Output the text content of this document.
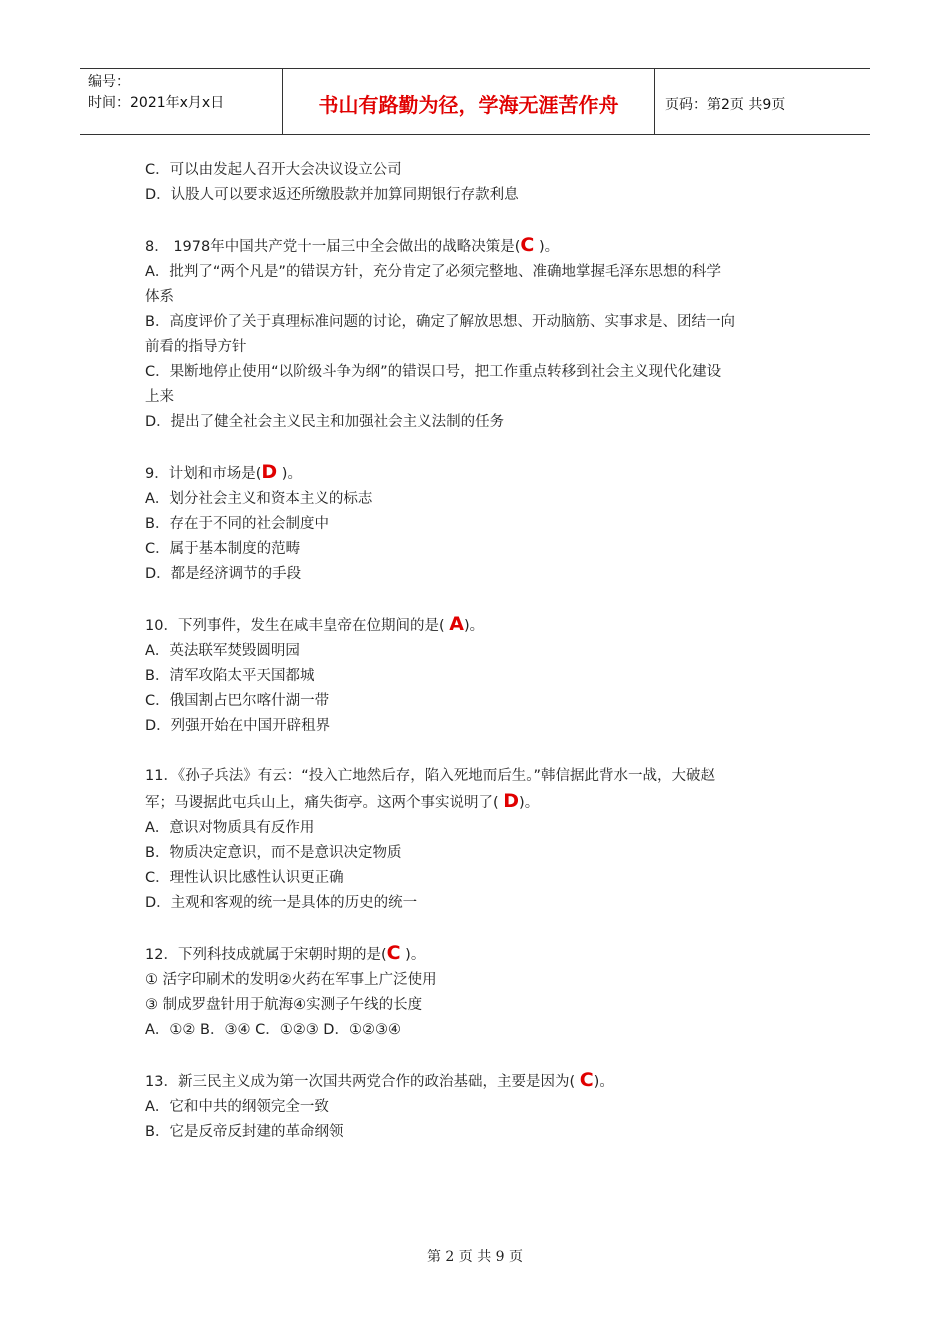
编号：
时间：2021年x月x日	书山有路勤为径，学海无涯苦作舟	页码：第2页 共9页
C．可以由发起人召开大会决议设立公司
D．认股人可以要求返还所缴股款并加算同期银行存款利息
8． 1978年中国共产党十一届三中全会做出的战略决策是(C )。
A．批判了“两个凡是”的错误方针，充分肯定了必须完整地、准确地掌握毛泽东思想的科学
体系
B．高度评价了关于真理标准问题的讨论，确定了解放思想、开动脑筋、实事求是、团结一向
前看的指导方针
C．果断地停止使用“以阶级斗争为纲”的错误口号，把工作重点转移到社会主义现代化建设
上来
D．提出了健全社会主义民主和加强社会主义法制的任务
9．计划和市场是(D )。
A．划分社会主义和资本主义的标志
B．存在于不同的社会制度中
C．属于基本制度的范畴
D．都是经济调节的手段
10．下列事件，发生在咸丰皇帝在位期间的是( A)。
A．英法联军焚毁圆明园
B．清军攻陷太平天国都城
C．俄国割占巴尔喀什湖一带
D．列强开始在中国开辟租界
11．《孙子兵法》有云：“投入亡地然后存，陷入死地而后生。”韩信据此背水一战，大破赵
军；马谡据此屯兵山上，痛失街亭。这两个事实说明了( D)。
A．意识对物质具有反作用
B．物质决定意识，而不是意识决定物质
C．理性认识比感性认识更正确
D．主观和客观的统一是具体的历史的统一
12．下列科技成就属于宋朝时期的是(C )。
① 活字印刷术的发明②火药在军事上广泛使用
③ 制成罗盘针用于航海④实测子午线的长度
A．①② B．③④ C．①②③ D．①②③④
13．新三民主义成为第一次国共两党合作的政治基础，主要是因为( C)。
A．它和中共的纲领完全一致
B．它是反帝反封建的革命纲领
第 2 页 共 9 页
